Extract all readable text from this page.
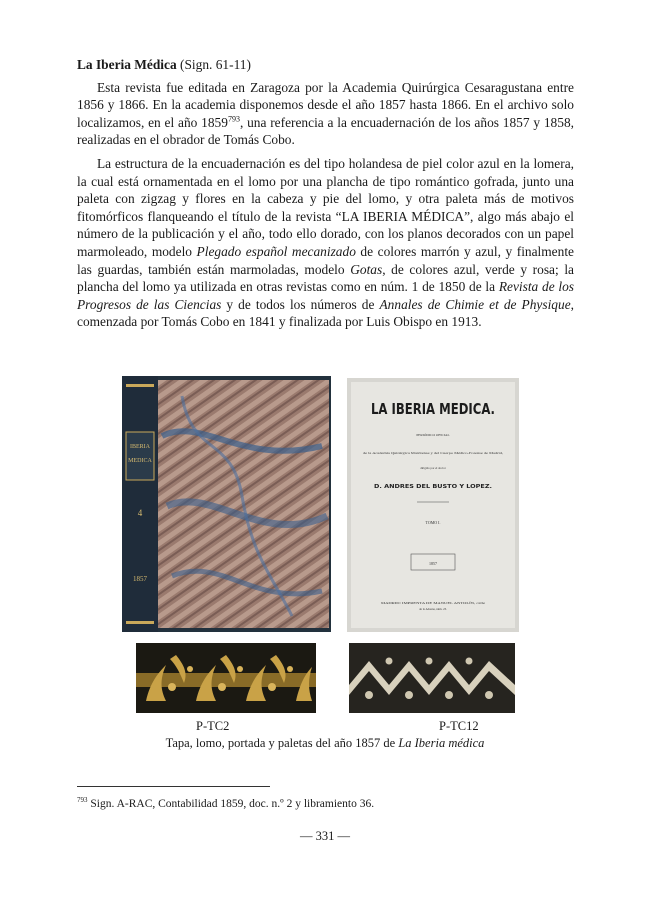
La Iberia Médica (Sign. 61-11)

Esta revista fue editada en Zaragoza por la Academia Quirúrgica Cesaragustana entre 1856 y 1866. En la academia disponemos desde el año 1857 hasta 1866. En el archivo solo localizamos, en el año 1859$^{793}$, una referencia a la encuadernación de los años 1857 y 1858, realizadas en el obrador de Tomás Cobo.

La estructura de la encuadernación es del tipo holandesa de piel color azul en la lomera, la cual está ornamentada en el lomo por una plancha de tipo romántico gofrada, junto una paleta con zigzag y flores en la cabeza y pie del lomo, y otra paleta más de motivos fitomórficos flanqueando el título de la revista “LA IBERIA MÉDICA”, algo más abajo el número de la publicación y el año, todo ello dorado, con los planos decorados con un papel marmoleado, modelo Plegado español mecanizado de colores marrón y azul, y finalmente las guardas, también están marmoladas, modelo Gotas, de colores azul, verde y rosa; la plancha del lomo ya utilizada en otras revistas como en núm. 1 de 1850 de la Revista de los Progresos de las Ciencias y de todos los números de Annales de Chimie et de Physique, comenzada por Tomás Cobo en 1841 y finalizada por Luis Obispo en 1913.

IBERIA
MEDICA
4
1857
LA IBERIA MEDICA.
PERIÓDICO OFICIAL
de la Academia Quirúrgica Matritense y del Cuerpo Médico-Forense de Madrid,
dirigido por el doctor
D. ANDRES DEL BUSTO Y LOPEZ.
TOMO I.
1857
MADRID: IMPRENTA DE MANUEL ANTOLÍN, calle
de la Aduana, núm. 23.
P-TC2	P-TC12
Tapa, lomo, portada y paletas del año 1857 de La Iberia médica
$^{793}$ Sign. A-RAC, Contabilidad 1859, doc. n.º 2 y libramiento 36.
— 331 —
